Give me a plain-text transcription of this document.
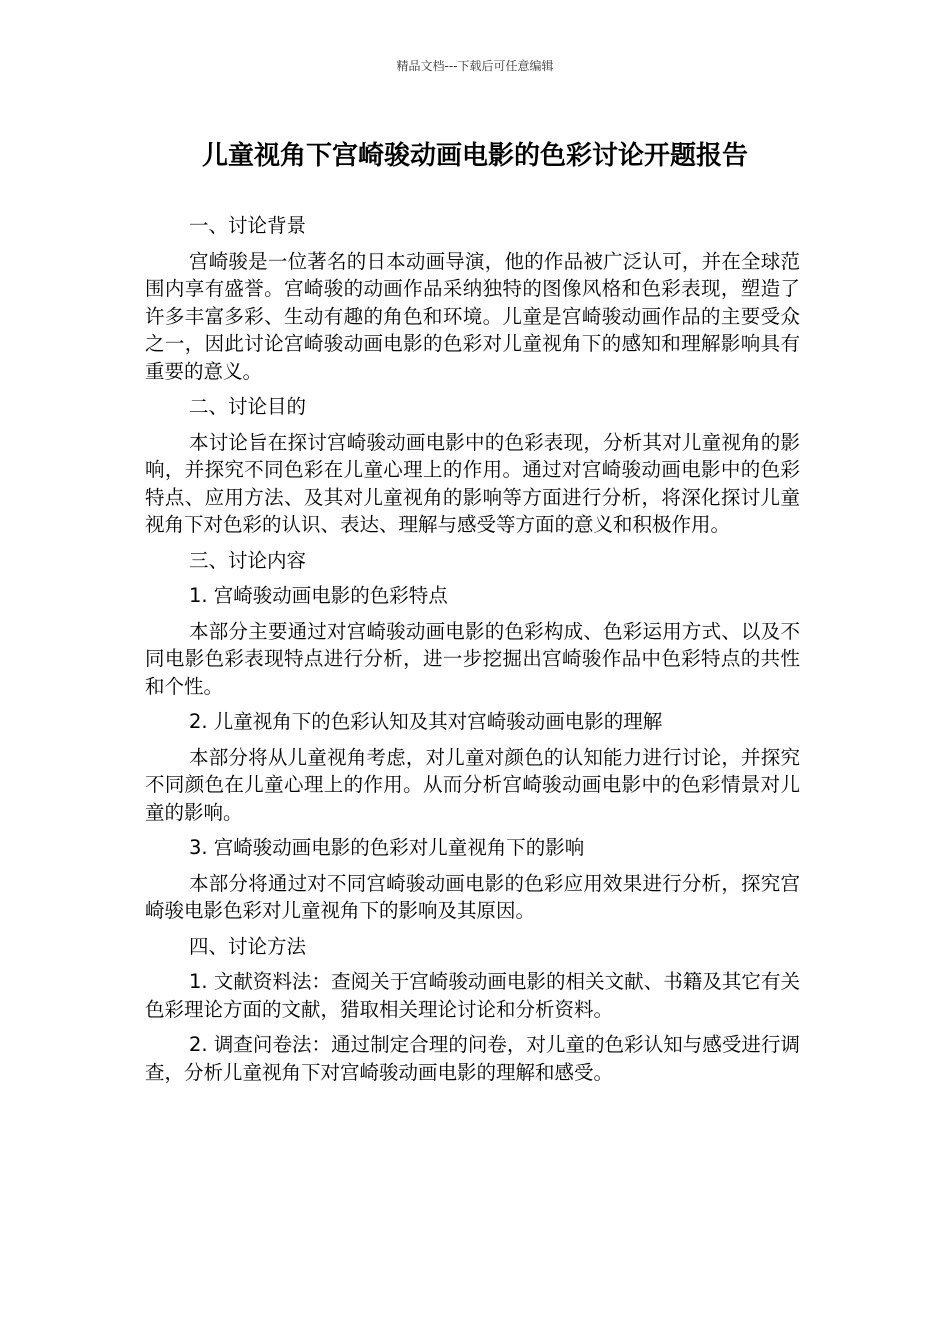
精品文档---下载后可任意编辑
儿童视角下宫崎骏动画电影的色彩讨论开题报告

一、讨论背景

宫崎骏是一位著名的日本动画导演，他的作品被广泛认可，并在全球范围内享有盛誉。宫崎骏的动画作品采纳独特的图像风格和色彩表现，塑造了许多丰富多彩、生动有趣的角色和环境。儿童是宫崎骏动画作品的主要受众之一，因此讨论宫崎骏动画电影的色彩对儿童视角下的感知和理解影响具有重要的意义。

二、讨论目的

本讨论旨在探讨宫崎骏动画电影中的色彩表现，分析其对儿童视角的影响，并探究不同色彩在儿童心理上的作用。通过对宫崎骏动画电影中的色彩特点、应用方法、及其对儿童视角的影响等方面进行分析，将深化探讨儿童视角下对色彩的认识、表达、理解与感受等方面的意义和积极作用。

三、讨论内容

1. 宫崎骏动画电影的色彩特点

本部分主要通过对宫崎骏动画电影的色彩构成、色彩运用方式、以及不同电影色彩表现特点进行分析，进一步挖掘出宫崎骏作品中色彩特点的共性和个性。

2. 儿童视角下的色彩认知及其对宫崎骏动画电影的理解

本部分将从儿童视角考虑，对儿童对颜色的认知能力进行讨论，并探究不同颜色在儿童心理上的作用。从而分析宫崎骏动画电影中的色彩情景对儿童的影响。

3. 宫崎骏动画电影的色彩对儿童视角下的影响

本部分将通过对不同宫崎骏动画电影的色彩应用效果进行分析，探究宫崎骏电影色彩对儿童视角下的影响及其原因。

四、讨论方法

1. 文献资料法：查阅关于宫崎骏动画电影的相关文献、书籍及其它有关色彩理论方面的文献，猎取相关理论讨论和分析资料。

2. 调查问卷法：通过制定合理的问卷，对儿童的色彩认知与感受进行调查，分析儿童视角下对宫崎骏动画电影的理解和感受。
